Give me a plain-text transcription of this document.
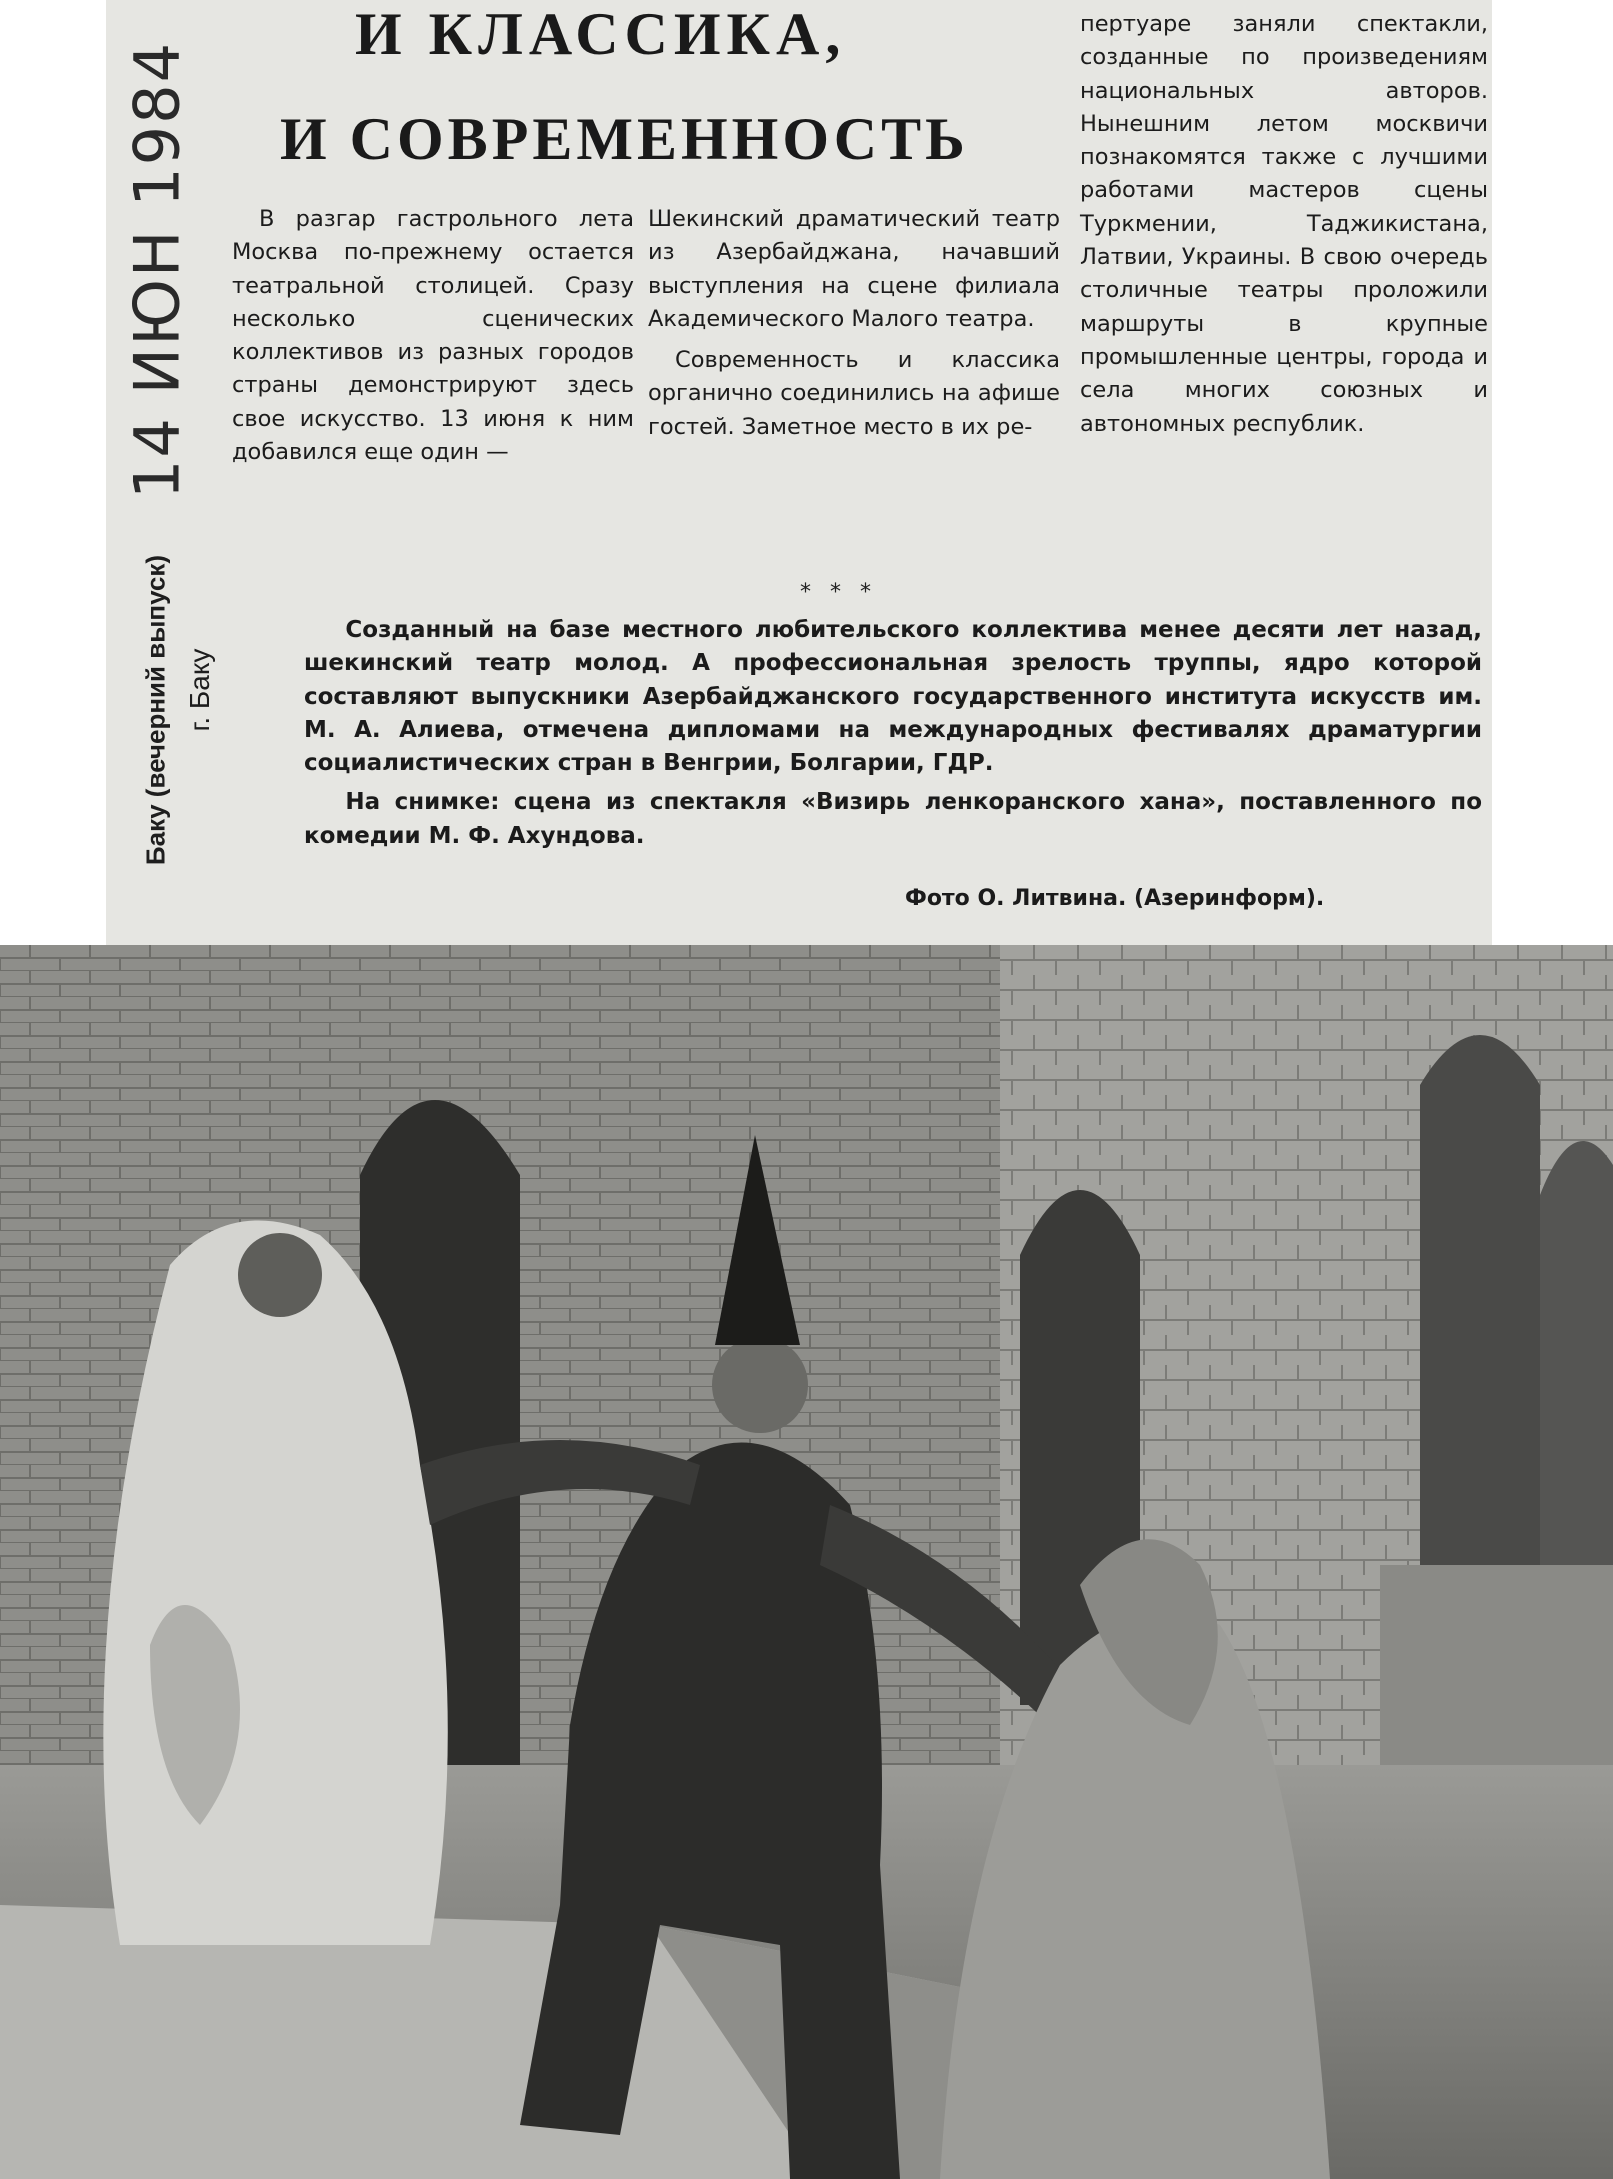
14 ИЮН 1984
Баку (вечерний выпуск) г. Баку
И КЛАССИКА,
И СОВРЕМЕННОСТЬ

В разгар гастрольного лета Москва по-прежнему остается театральной столицей. Сразу несколько сценических коллективов из разных городов страны демонстрируют здесь свое искусство. 13 июня к ним добавился еще один —

Шекинский драматический театр из Азербайджана, начавший выступления на сцене филиала Академического Малого театра.

Современность и классика органично соединились на афише гостей. Заметное место в их ре-

пертуаре заняли спектакли, созданные по произведениям национальных авторов. Нынешним летом москвичи познакомятся также с лучшими работами мастеров сцены Туркмении, Таджикистана, Латвии, Украины. В свою очередь столичные театры проложили маршруты в крупные промышленные центры, города и села многих союзных и автономных республик.

* * *

Созданный на базе местного любительского коллектива менее десяти лет назад, шекинский театр молод. А профессиональная зрелость труппы, ядро которой составляют выпускники Азербайджанского государственного института искусств им. М. А. Алиева, отмечена дипломами на международных фестивалях драматургии социалистических стран в Венгрии, Болгарии, ГДР.

На снимке: сцена из спектакля «Визирь ленкоранского хана», поставленного по комедии М. Ф. Ахундова.

Фото О. Литвина. (Азеринформ).
